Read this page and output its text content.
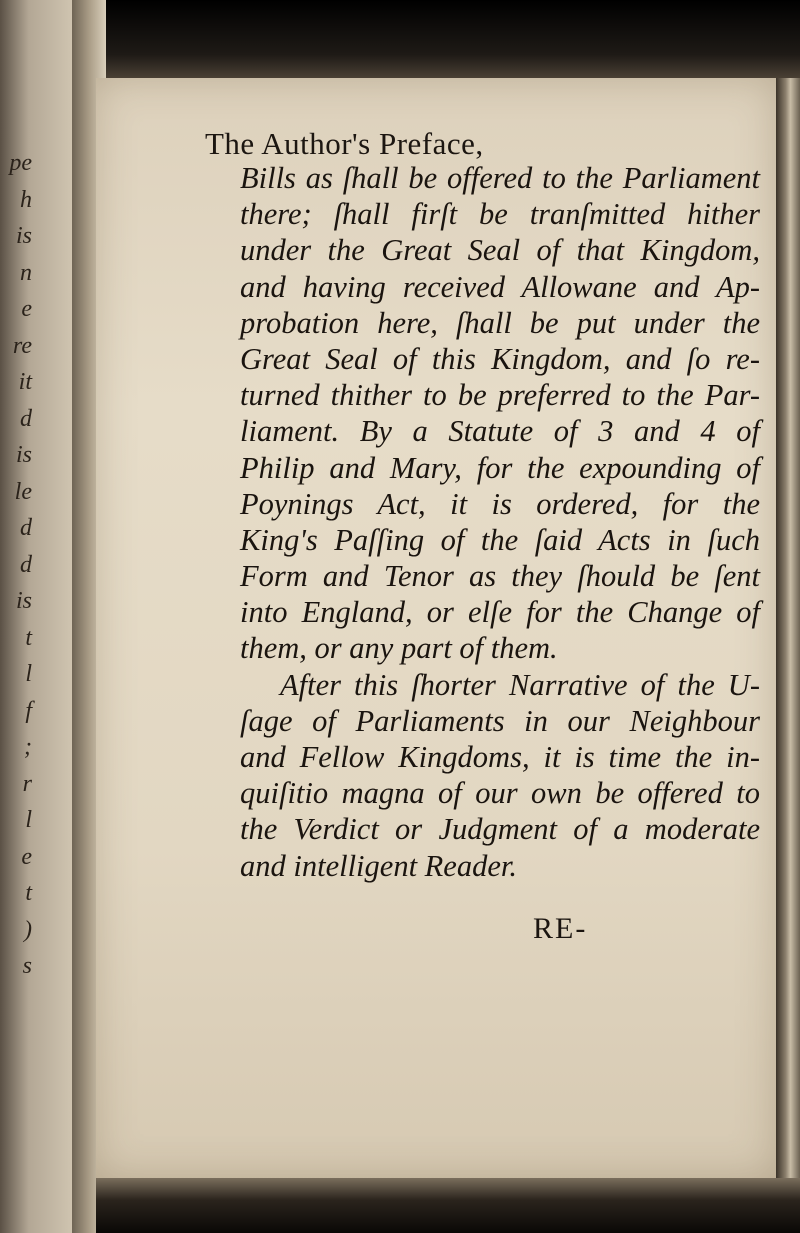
pe
h
is
n
e
re
it
d
is
le
d
d
is
t
l
f
;
r
l
e
t
)
s
The Author's Preface,
Bills as ſhall be offered to the Parliament
there; ſhall firſt be tranſmitted hither
under the Great Seal of that Kingdom,
and having received Allowane and Ap-
probation here, ſhall be put under the
Great Seal of this Kingdom, and ſo re-
turned thither to be preferred to the Par-
liament. By a Statute of 3 and 4 of
Philip and Mary, for the expounding of
Poynings Act, it is ordered, for the
King's Paſſing of the ſaid Acts in ſuch
Form and Tenor as they ſhould be ſent
into England, or elſe for the Change of
them, or any part of them.
After this ſhorter Narrative of the U-
ſage of Parliaments in our Neighbour
and Fellow Kingdoms, it is time the in-
quiſitio magna of our own be offered to
the Verdict or Judgment of a moderate
and intelligent Reader.
RE-
